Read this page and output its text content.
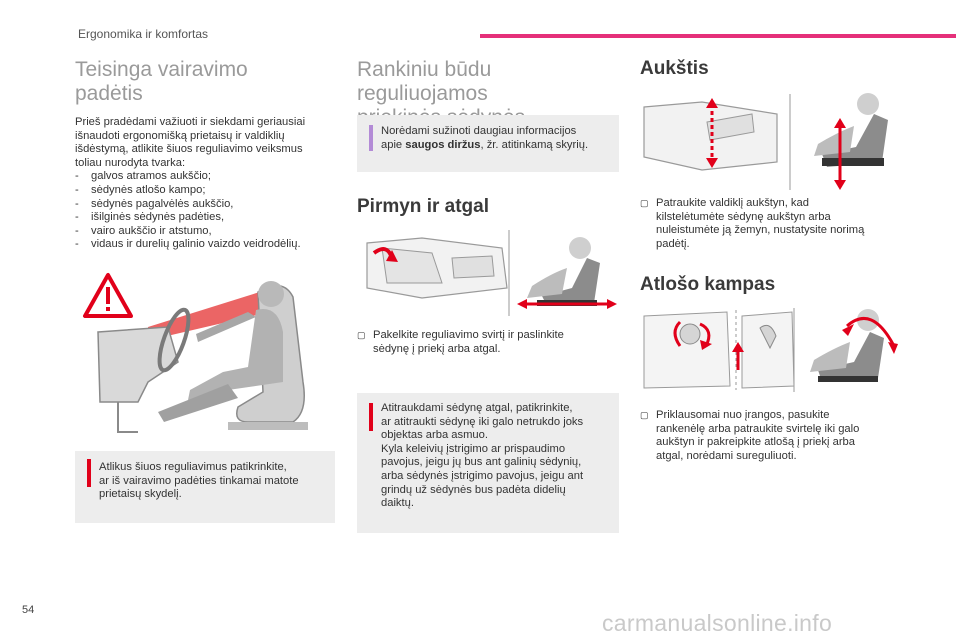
Ergonomika ir komfortas
Teisinga vairavimo
padėtis
Prieš pradėdami važiuoti ir siekdami geriausiai
išnaudoti ergonomišką prietaisų ir valdiklių
išdėstymą, atlikite šiuos reguliavimo veiksmus
toliau nurodyta tvarka:
-	galvos atramos aukščio;
-	sėdynės atlošo kampo;
-	sėdynės pagalvėlės aukščio,
-	išilginės sėdynės padėties,
-	vairo aukščio ir atstumo,
-	vidaus ir durelių galinio vaizdo veidrodėlių.
Atlikus šiuos reguliavimus patikrinkite,
ar iš vairavimo padėties tinkamai matote
prietaisų skydelį.
Rankiniu būdu reguliuojamos
Norėdami sužinoti daugiau informacijos
apie saugos diržus, žr. atitinkamą skyrių.
Pirmyn ir atgal
▢ Pakelkite reguliavimo svirtį ir paslinkite
sėdynę į priekį arba atgal.
Atitraukdami sėdynę atgal, patikrinkite,
ar atitraukti sėdynę iki galo netrukdo joks
objektas arba asmuo.
Kyla keleivių įstrigimo ar prispaudimo
pavojus, jeigu jų bus ant galinių sėdynių,
arba sėdynės įstrigimo pavojus, jeigu ant
grindų už sėdynės bus padėta didelių
daiktų.
Aukštis
▢ Patraukite valdiklį aukštyn, kad
kilstelėtumėte sėdynę aukštyn arba
nuleistumėte ją žemyn, nustatysite norimą
padėtį.
Atlošo kampas
▢ Priklausomai nuo įrangos, pasukite
rankenėlę arba patraukite svirtelę iki galo
aukštyn ir pakreipkite atlošą į priekį arba
atgal, norėdami sureguliuoti.
54	carmanualsonline.info
